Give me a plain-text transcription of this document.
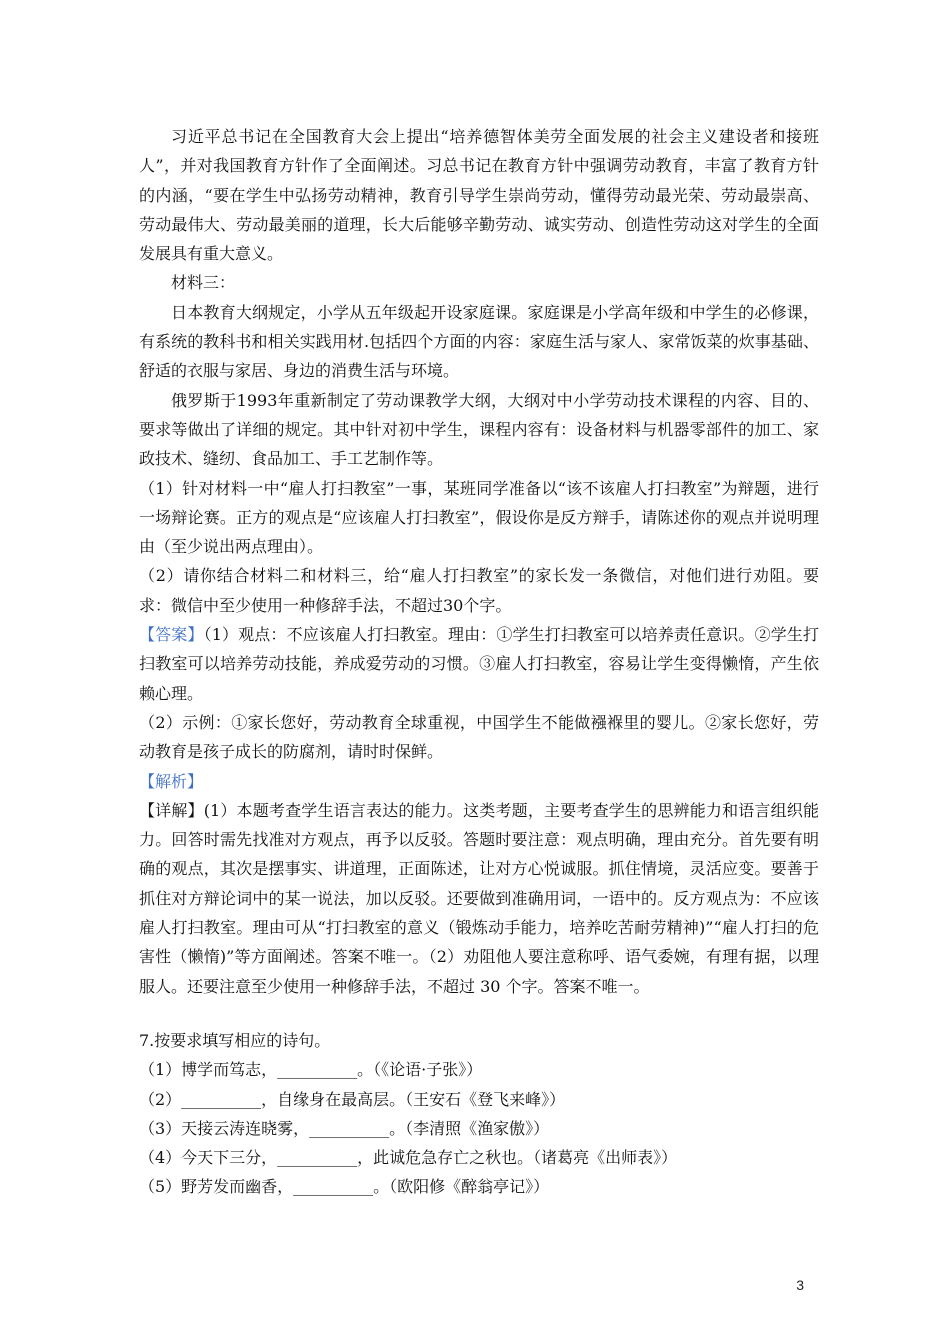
习近平总书记在全国教育大会上提出“培养德智体美劳全面发展的社会主义建设者和接班人”，并对我国教育方针作了全面阐述。习总书记在教育方针中强调劳动教育，丰富了教育方针的内涵，“要在学生中弘扬劳动精神，教育引导学生崇尚劳动，懂得劳动最光荣、劳动最崇高、劳动最伟大、劳动最美丽的道理，长大后能够辛勤劳动、诚实劳动、创造性劳动这对学生的全面发展具有重大意义。

材料三：

日本教育大纲规定，小学从五年级起开设家庭课。家庭课是小学高年级和中学生的必修课，有系统的教科书和相关实践用材.包括四个方面的内容：家庭生活与家人、家常饭菜的炊事基础、舒适的衣服与家居、身边的消费生活与环境。

俄罗斯于1993年重新制定了劳动课教学大纲，大纲对中小学劳动技术课程的内容、目的、要求等做出了详细的规定。其中针对初中学生，课程内容有：设备材料与机器零部件的加工、家政技术、缝纫、食品加工、手工艺制作等。

（1）针对材料一中“雇人打扫教室”一事，某班同学准备以“该不该雇人打扫教室”为辩题，进行一场辩论赛。正方的观点是“应该雇人打扫教室”，假设你是反方辩手，请陈述你的观点并说明理由（至少说出两点理由）。

（2）请你结合材料二和材料三，给“雇人打扫教室”的家长发一条微信，对他们进行劝阻。要求：微信中至少使用一种修辞手法，不超过30个字。

【答案】（1）观点：不应该雇人打扫教室。理由：①学生打扫教室可以培养责任意识。②学生打扫教室可以培养劳动技能，养成爱劳动的习惯。③雇人打扫教室，容易让学生变得懒惰，产生依赖心理。

（2）示例：①家长您好，劳动教育全球重视，中国学生不能做襁褓里的婴儿。②家长您好，劳动教育是孩子成长的防腐剂，请时时保鲜。

【解析】

【详解】(1）本题考查学生语言表达的能力。这类考题，主要考查学生的思辨能力和语言组织能力。回答时需先找准对方观点，再予以反驳。答题时要注意：观点明确，理由充分。首先要有明确的观点，其次是摆事实、讲道理，正面陈述，让对方心悦诚服。抓住情境，灵活应变。要善于抓住对方辩论词中的某一说法，加以反驳。还要做到准确用词，一语中的。反方观点为：不应该雇人打扫教室。理由可从“打扫教室的意义（锻炼动手能力，培养吃苦耐劳精神)”“雇人打扫的危害性（懒惰)”等方面阐述。答案不唯一。（2）劝阻他人要注意称呼、语气委婉，有理有据，以理服人。还要注意至少使用一种修辞手法，不超过 30 个字。答案不唯一。

7.按要求填写相应的诗句。

（1）博学而笃志，__________。（《论语·子张》）

（2）__________，自缘身在最高层。（王安石《登飞来峰》）

（3）天接云涛连晓雾，__________。（李清照《渔家傲》）

（4）今天下三分，__________，此诚危急存亡之秋也。（诸葛亮《出师表》）

（5）野芳发而幽香，__________。（欧阳修《醉翁亭记》）

3
